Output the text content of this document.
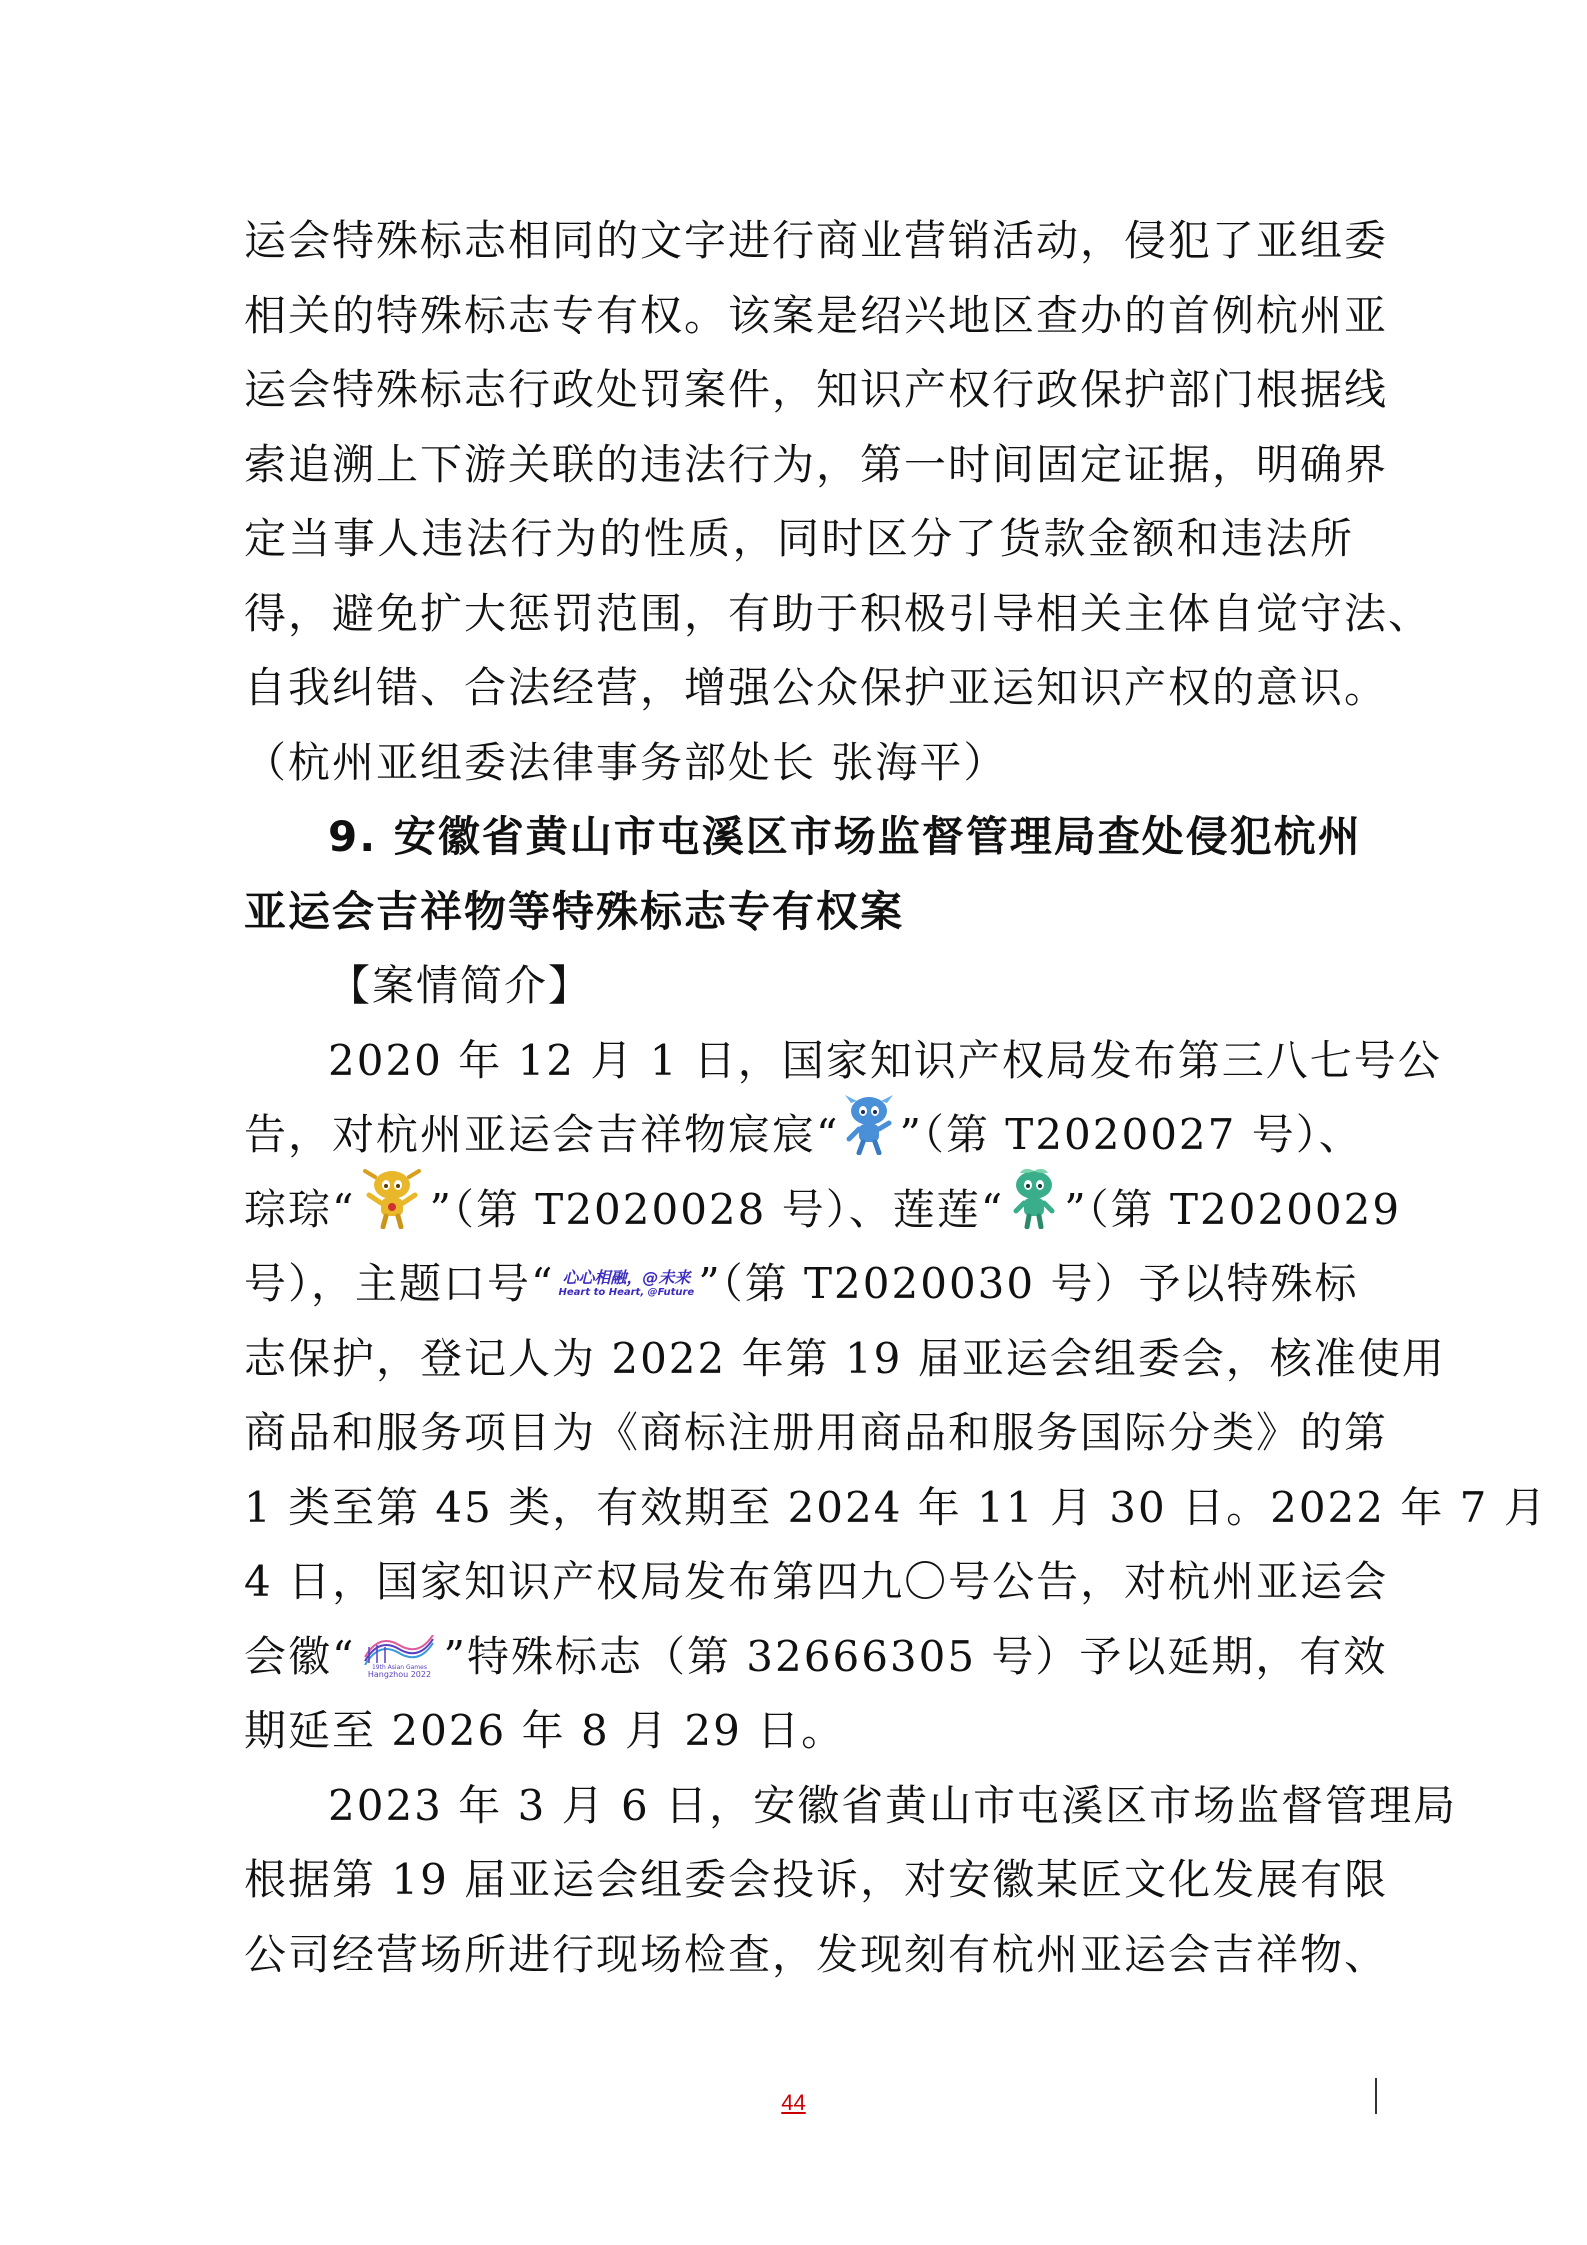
运会特殊标志相同的文字进行商业营销活动，侵犯了亚组委
相关的特殊标志专有权。该案是绍兴地区查办的首例杭州亚
运会特殊标志行政处罚案件，知识产权行政保护部门根据线
索追溯上下游关联的违法行为，第一时间固定证据，明确界
定当事人违法行为的性质，同时区分了货款金额和违法所
得，避免扩大惩罚范围，有助于积极引导相关主体自觉守法、
自我纠错、合法经营，增强公众保护亚运知识产权的意识。
（杭州亚组委法律事务部处长 张海平）
9. 安徽省黄山市屯溪区市场监督管理局查处侵犯杭州
亚运会吉祥物等特殊标志专有权案
【案情简介】
2020 年 12 月 1 日，国家知识产权局发布第三八七号公
告，对杭州亚运会吉祥物宸宸“ ”（第 T2020027 号）、
琮琮“ ”（第 T2020028 号）、莲莲“ ”（第 T2020029
号），主题口号“ 心心相融，@未来
Heart to Heart, @Future ”（第 T2020030 号）予以特殊标
志保护，登记人为 2022 年第 19 届亚运会组委会，核准使用
商品和服务项目为《商标注册用商品和服务国际分类》的第
1 类至第 45 类，有效期至 2024 年 11 月 30 日。2022 年 7 月
4 日，国家知识产权局发布第四九〇号公告，对杭州亚运会
会徽“	19th Asian Games
Hangzhou 2022 ”特殊标志（第 32666305 号）予以延期，有效
期延至 2026 年 8 月 29 日。
2023 年 3 月 6 日，安徽省黄山市屯溪区市场监督管理局
根据第 19 届亚运会组委会投诉，对安徽某匠文化发展有限
公司经营场所进行现场检查，发现刻有杭州亚运会吉祥物、
44
